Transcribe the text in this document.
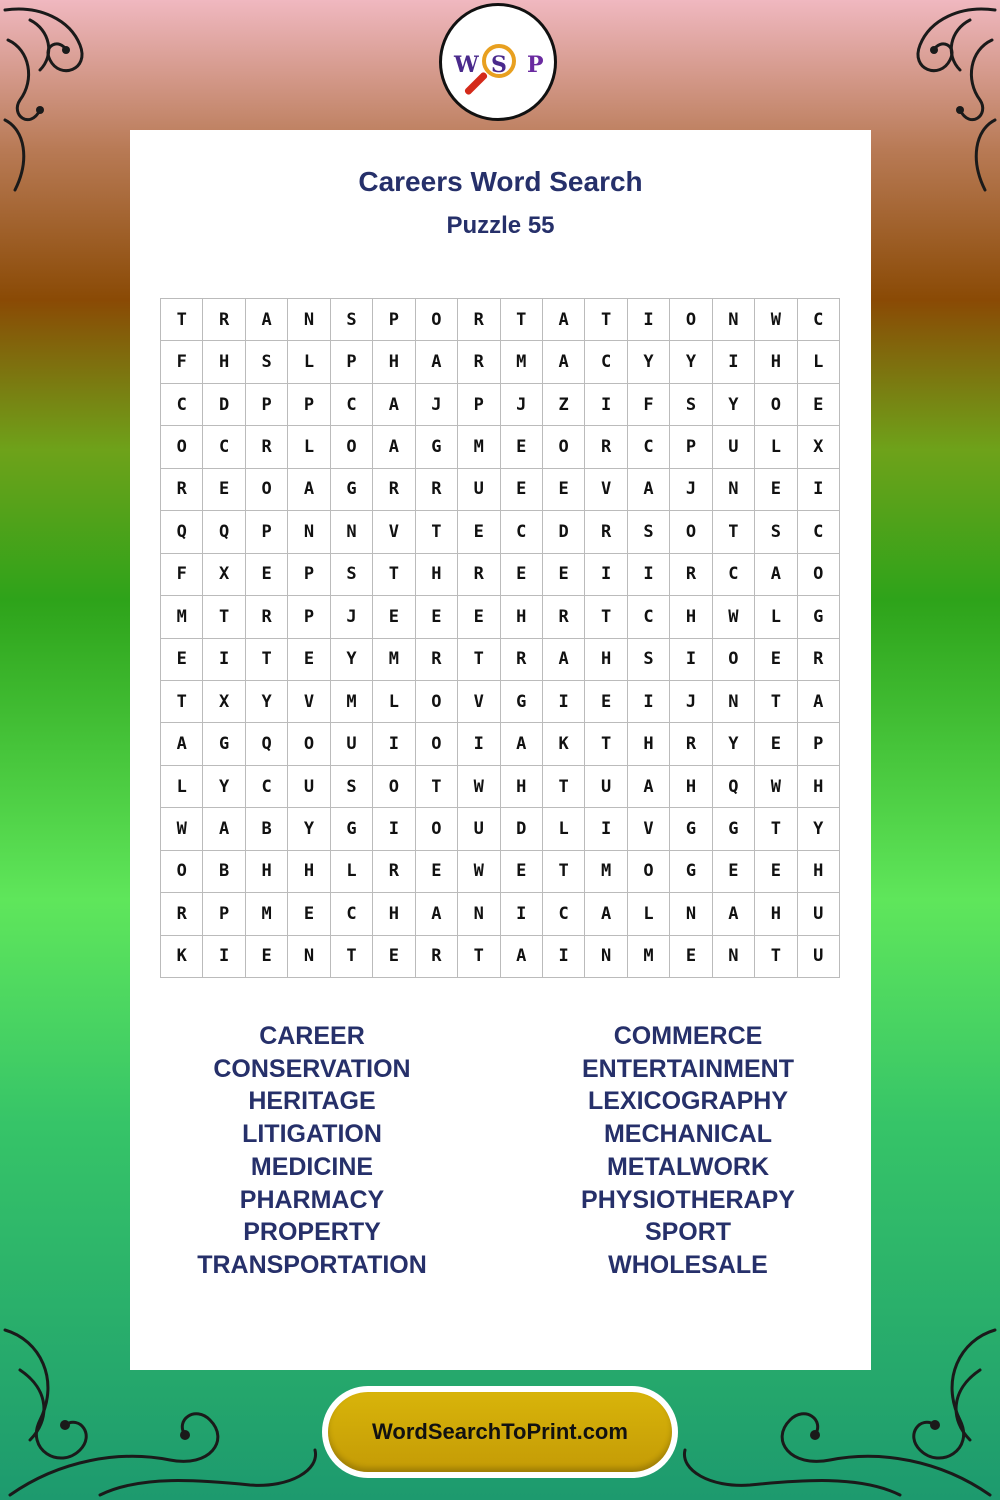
W S P
Careers Word Search
Puzzle 55
T	R	A	N	S	P	O	R	T	A	T	I	O	N	W	C
F	H	S	L	P	H	A	R	M	A	C	Y	Y	I	H	L
C	D	P	P	C	A	J	P	J	Z	I	F	S	Y	O	E
O	C	R	L	O	A	G	M	E	O	R	C	P	U	L	X
R	E	O	A	G	R	R	U	E	E	V	A	J	N	E	I
Q	Q	P	N	N	V	T	E	C	D	R	S	O	T	S	C
F	X	E	P	S	T	H	R	E	E	I	I	R	C	A	O
M	T	R	P	J	E	E	E	H	R	T	C	H	W	L	G
E	I	T	E	Y	M	R	T	R	A	H	S	I	O	E	R
T	X	Y	V	M	L	O	V	G	I	E	I	J	N	T	A
A	G	Q	O	U	I	O	I	A	K	T	H	R	Y	E	P
L	Y	C	U	S	O	T	W	H	T	U	A	H	Q	W	H
W	A	B	Y	G	I	O	U	D	L	I	V	G	G	T	Y
O	B	H	H	L	R	E	W	E	T	M	O	G	E	E	H
R	P	M	E	C	H	A	N	I	C	A	L	N	A	H	U
K	I	E	N	T	E	R	T	A	I	N	M	E	N	T	U
CAREER
CONSERVATION
HERITAGE
LITIGATION
MEDICINE
PHARMACY
PROPERTY
TRANSPORTATION
COMMERCE
ENTERTAINMENT
LEXICOGRAPHY
MECHANICAL
METALWORK
PHYSIOTHERAPY
SPORT
WHOLESALE
WordSearchToPrint.com
